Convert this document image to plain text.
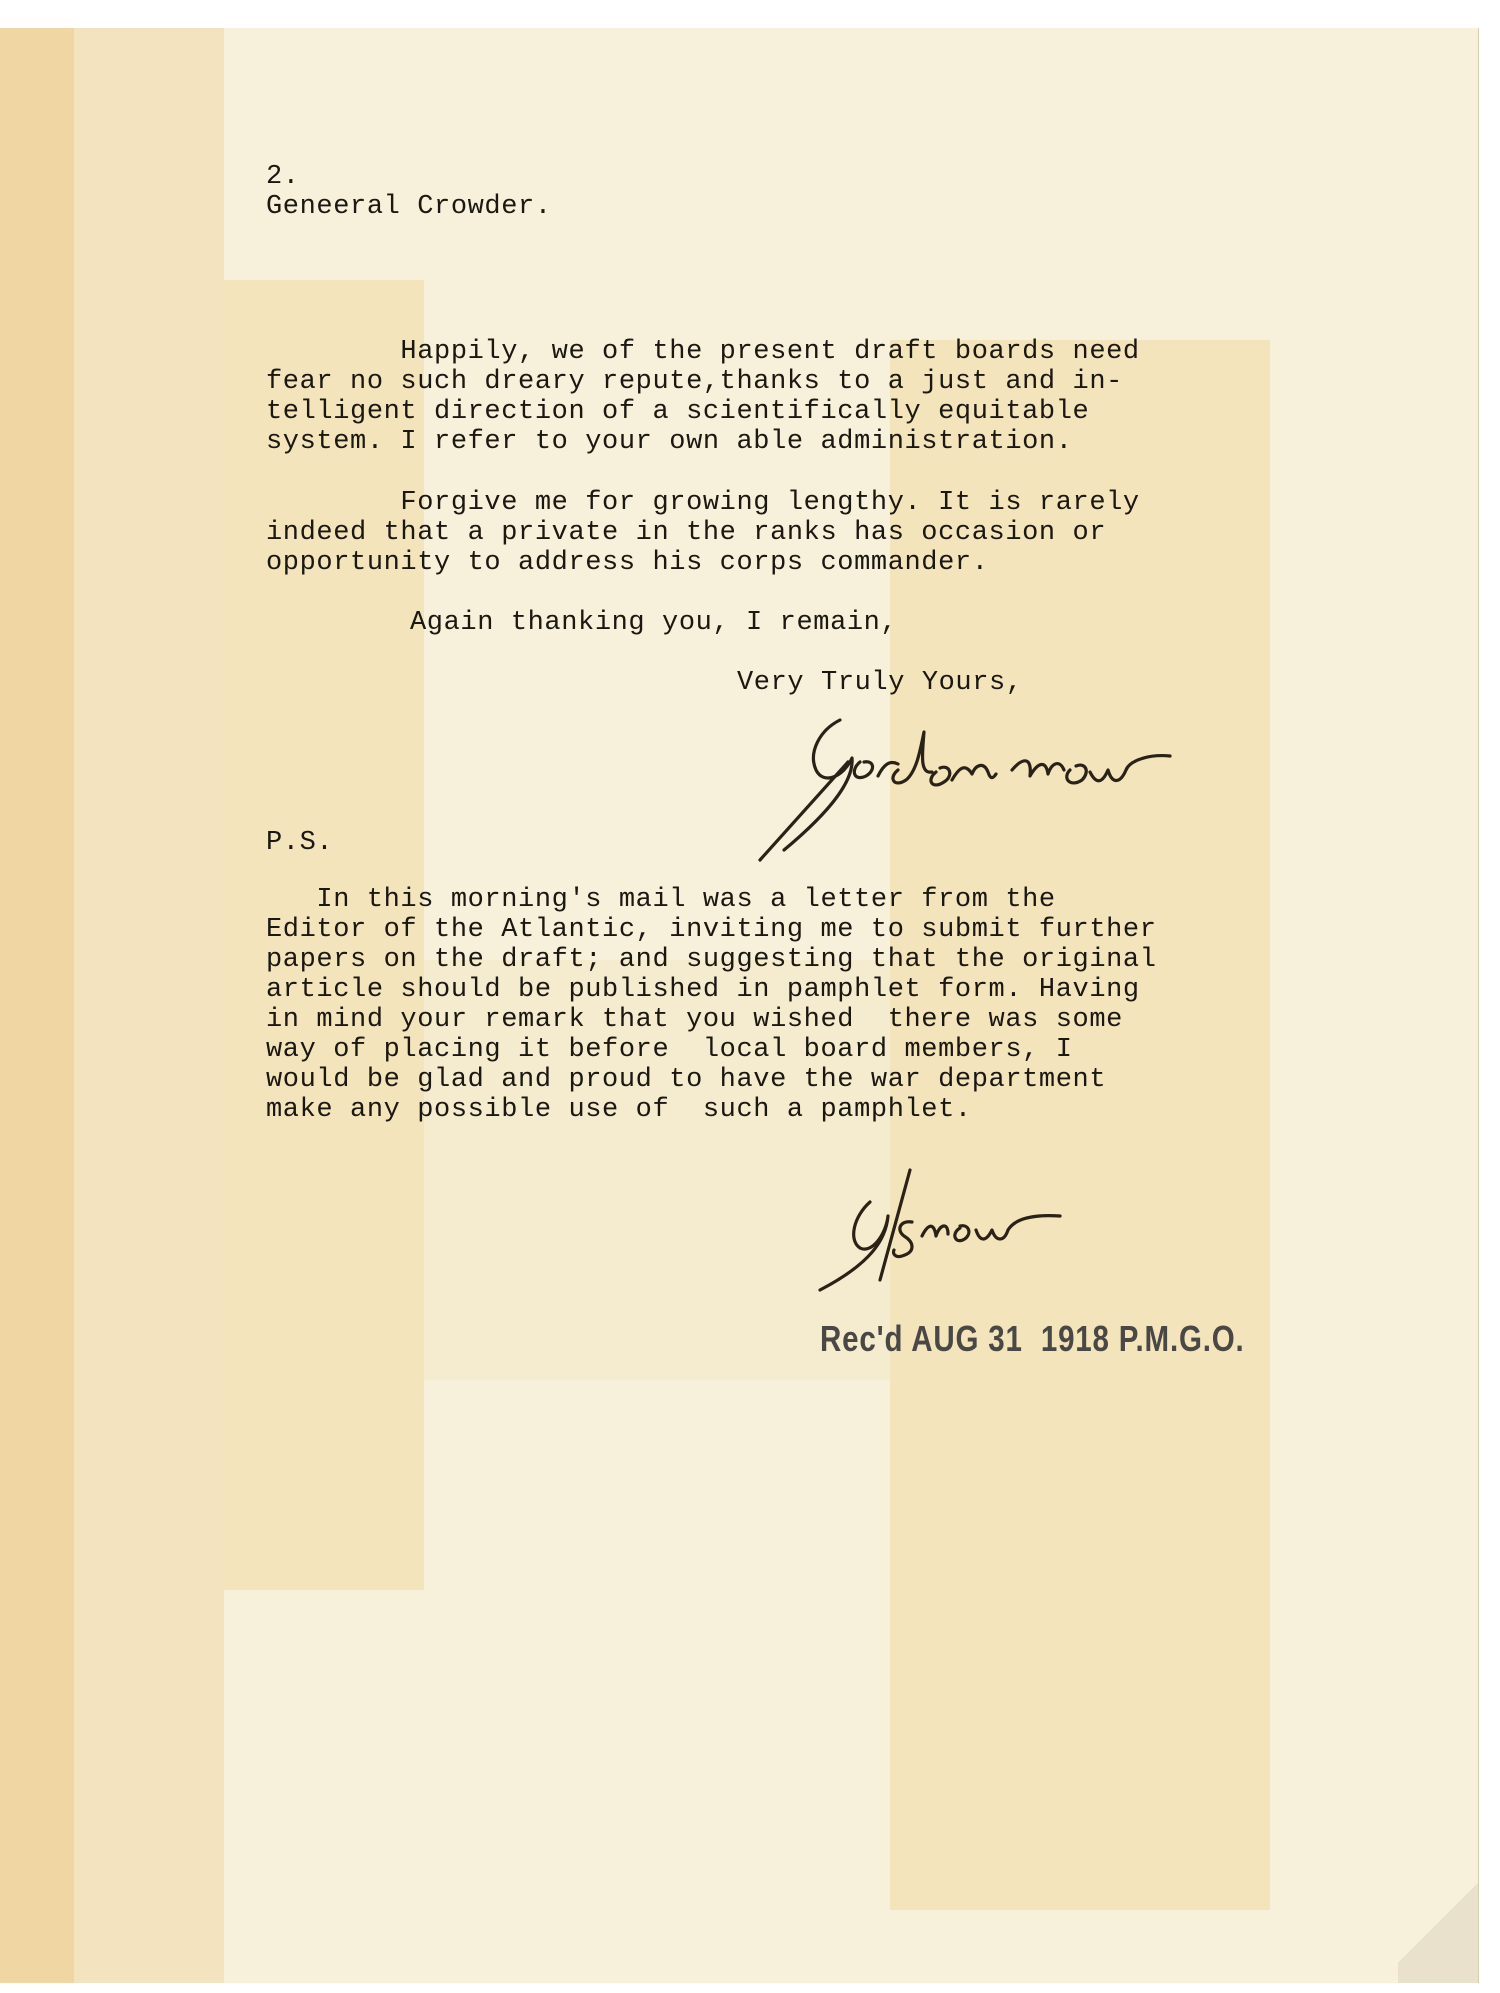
2.

Geneeral Crowder.

Happily, we of the present draft boards need

fear no such dreary repute,thanks to a just and in-

telligent direction of a scientifically equitable

system. I refer to your own able administration.

Forgive me for growing lengthy. It is rarely

indeed that a private in the ranks has occasion or

opportunity to address his corps commander.

Again thanking you, I remain,

Very Truly Yours,

P.S.

In this morning's mail was a letter from the

Editor of the Atlantic, inviting me to submit further

papers on the draft; and suggesting that the original

article should be published in pamphlet form. Having

in mind your remark that you wished  there was some

way of placing it before  local board members, I

would be glad and proud to have the war department

make any possible use of  such a pamphlet.

Rec'd AUG 31  1918 P.M.G.O.
